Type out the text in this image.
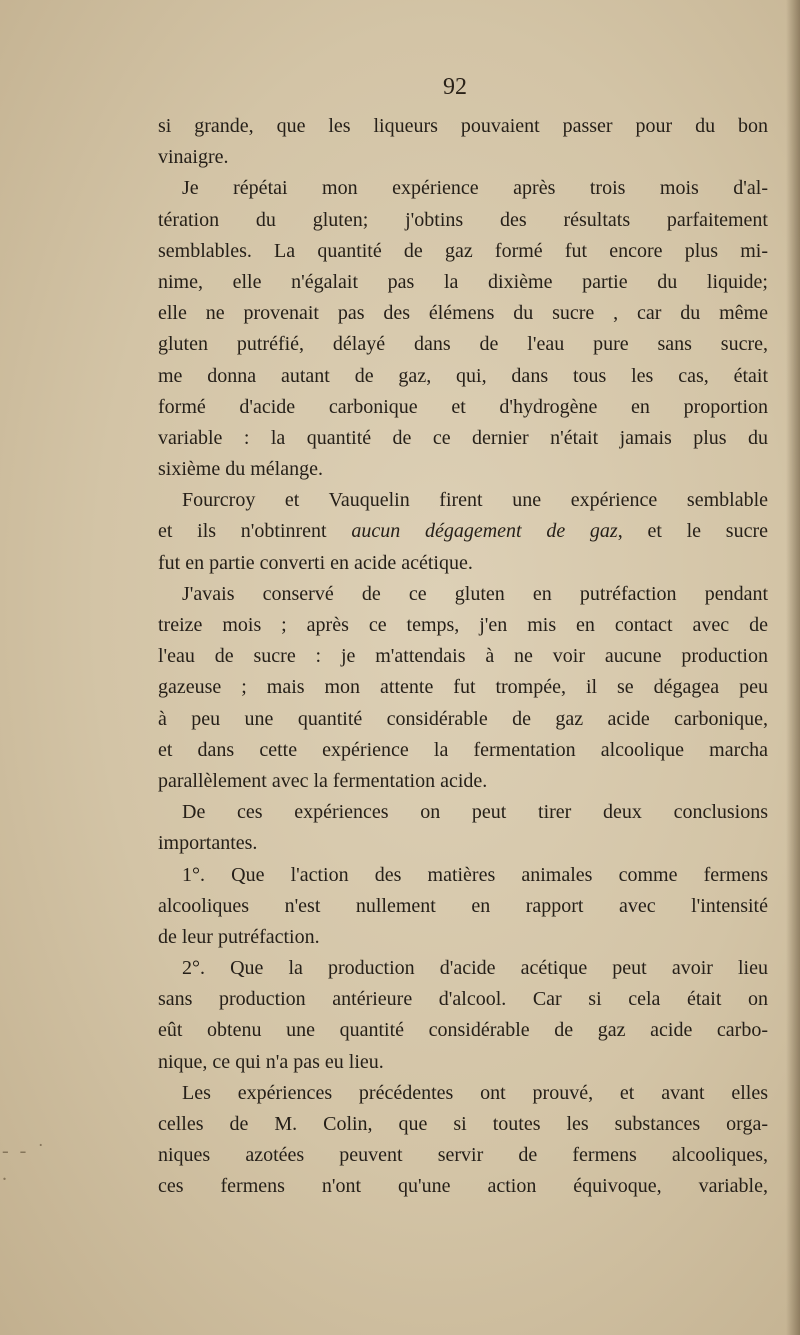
- - ˙ .
92
si grande, que les liqueurs pouvaient passer pour du bon
vinaigre.
Je répétai mon expérience après trois mois d'al-
tération du gluten; j'obtins des résultats parfaitement
semblables. La quantité de gaz formé fut encore plus mi-
nime, elle n'égalait pas la dixième partie du liquide;
elle ne provenait pas des élémens du sucre , car du même
gluten putréfié, délayé dans de l'eau pure sans sucre,
me donna autant de gaz, qui, dans tous les cas, était
formé d'acide carbonique et d'hydrogène en proportion
variable : la quantité de ce dernier n'était jamais plus du
sixième du mélange.
Fourcroy et Vauquelin firent une expérience semblable
et ils n'obtinrent aucun dégagement de gaz, et le sucre
fut en partie converti en acide acétique.
J'avais conservé de ce gluten en putréfaction pendant
treize mois ; après ce temps, j'en mis en contact avec de
l'eau de sucre : je m'attendais à ne voir aucune production
gazeuse ; mais mon attente fut trompée, il se dégagea peu
à peu une quantité considérable de gaz acide carbonique,
et dans cette expérience la fermentation alcoolique marcha
parallèlement avec la fermentation acide.
De ces expériences on peut tirer deux conclusions
importantes.
1°. Que l'action des matières animales comme fermens
alcooliques n'est nullement en rapport avec l'intensité
de leur putréfaction.
2°. Que la production d'acide acétique peut avoir lieu
sans production antérieure d'alcool. Car si cela était on
eût obtenu une quantité considérable de gaz acide carbo-
nique, ce qui n'a pas eu lieu.
Les expériences précédentes ont prouvé, et avant elles
celles de M. Colin, que si toutes les substances orga-
niques azotées peuvent servir de fermens alcooliques,
ces fermens n'ont qu'une action équivoque, variable,
